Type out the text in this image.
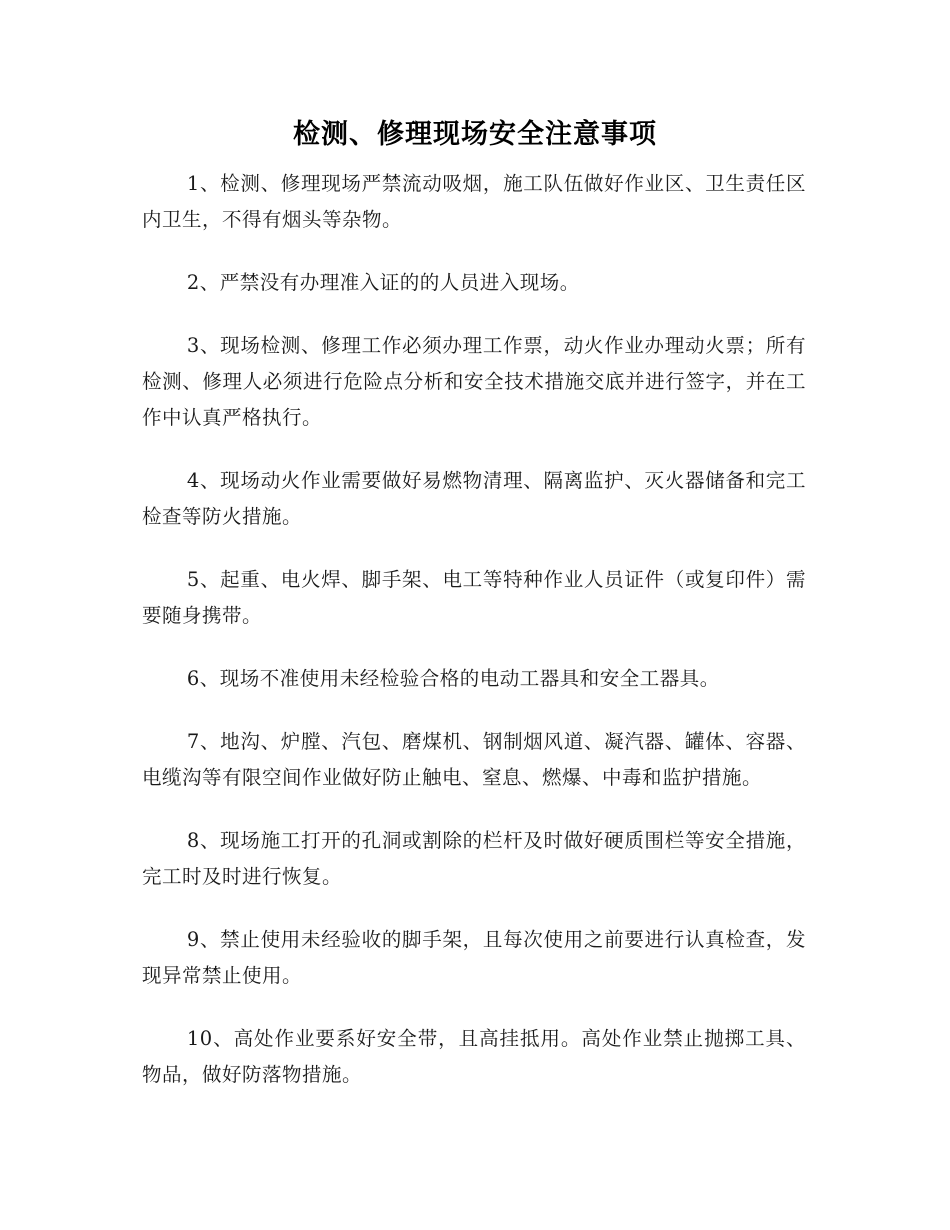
检测、修理现场安全注意事项

1、检测、修理现场严禁流动吸烟，施工队伍做好作业区、卫生责任区内卫生，不得有烟头等杂物。

2、严禁没有办理准入证的的人员进入现场。

3、现场检测、修理工作必须办理工作票，动火作业办理动火票；所有检测、修理人必须进行危险点分析和安全技术措施交底并进行签字，并在工作中认真严格执行。

4、现场动火作业需要做好易燃物清理、隔离监护、灭火器储备和完工检查等防火措施。

5、起重、电火焊、脚手架、电工等特种作业人员证件（或复印件）需要随身携带。

6、现场不准使用未经检验合格的电动工器具和安全工器具。

7、地沟、炉膛、汽包、磨煤机、钢制烟风道、凝汽器、罐体、容器、电缆沟等有限空间作业做好防止触电、窒息、燃爆、中毒和监护措施。

8、现场施工打开的孔洞或割除的栏杆及时做好硬质围栏等安全措施，完工时及时进行恢复。

9、禁止使用未经验收的脚手架，且每次使用之前要进行认真检查，发现异常禁止使用。

10、高处作业要系好安全带，且高挂抵用。高处作业禁止抛掷工具、物品，做好防落物措施。
